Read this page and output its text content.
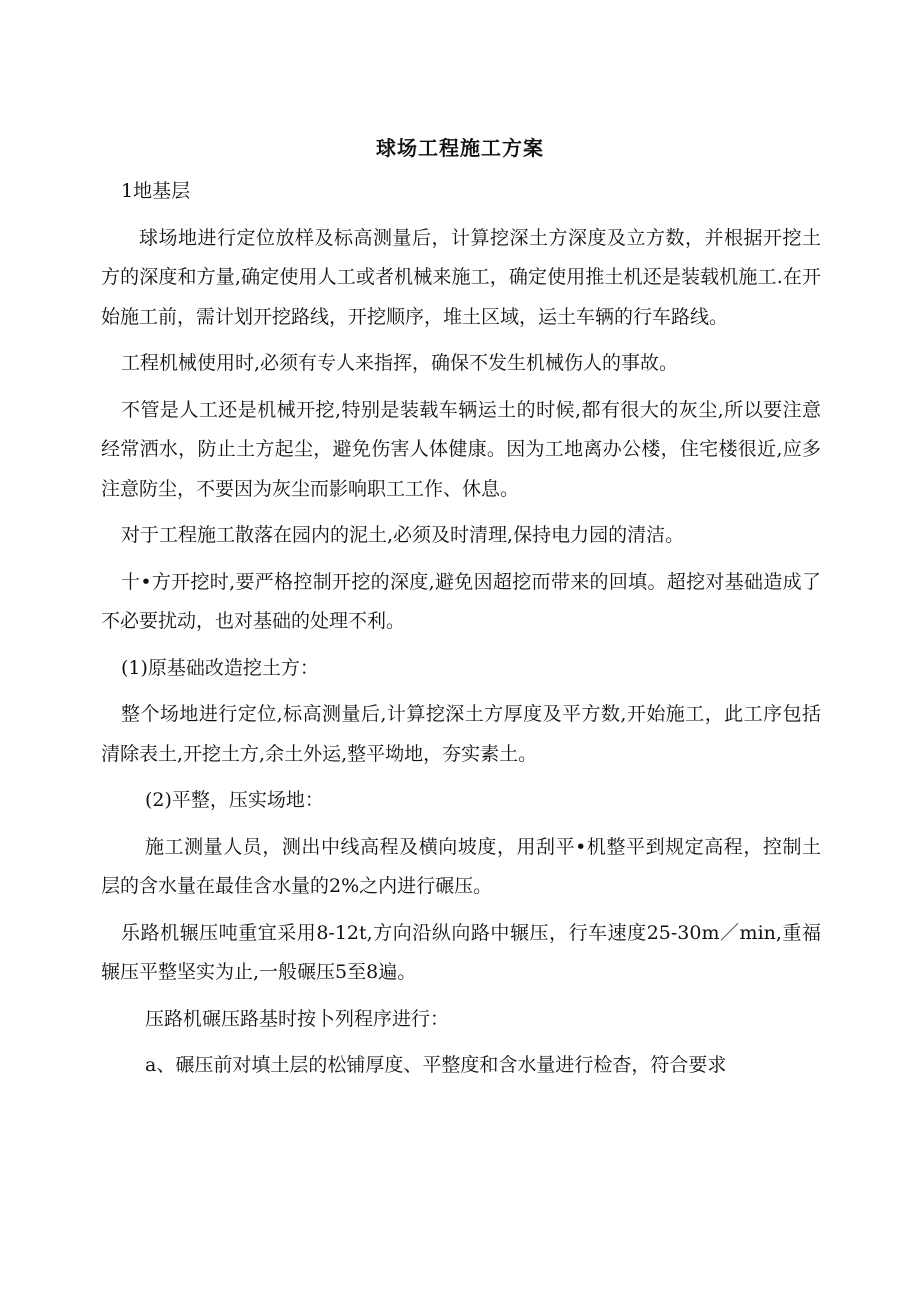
球场工程施工方案

1地基层

球场地进行定位放样及标高测量后，计算挖深土方深度及立方数，并根据开挖土方的深度和方量,确定使用人工或者机械来施工，确定使用推土机还是装载机施工.在开始施工前，需计划开挖路线，开挖顺序，堆土区域，运土车辆的行车路线。

工程机械使用时,必须有专人来指挥，确保不发生机械伤人的事故。

不管是人工还是机械开挖,特别是装载车辆运土的时候,都有很大的灰尘,所以要注意经常洒水，防止土方起尘，避免伤害人体健康。因为工地离办公楼，住宅楼很近,应多注意防尘，不要因为灰尘而影响职工工作、休息。

对于工程施工散落在园内的泥土,必须及时清理,保持电力园的清洁。

十•方开挖时,要严格控制开挖的深度,避免因超挖而带来的回填。超挖对基础造成了不必要扰动，也对基础的处理不利。

(1)原基础改造挖土方：

整个场地进行定位,标高测量后,计算挖深土方厚度及平方数,开始施工，此工序包括清除表土,开挖土方,余土外运,整平坳地，夯实素土。

(2)平整，压实场地：

施工测量人员，测出中线高程及横向坡度，用刮平•机整平到规定高程，控制土层的含水量在最佳含水量的2%之内进行碾压。

乐路机辗压吨重宜采用8-12t,方向沿纵向路中辗压，行车速度25-30m／min,重福辗压平整坚实为止,一般碾压5至8遍。

压路机碾压路基时按卜列程序进行：

a、碾压前对填土层的松铺厚度、平整度和含水量进行检杳，符合要求
